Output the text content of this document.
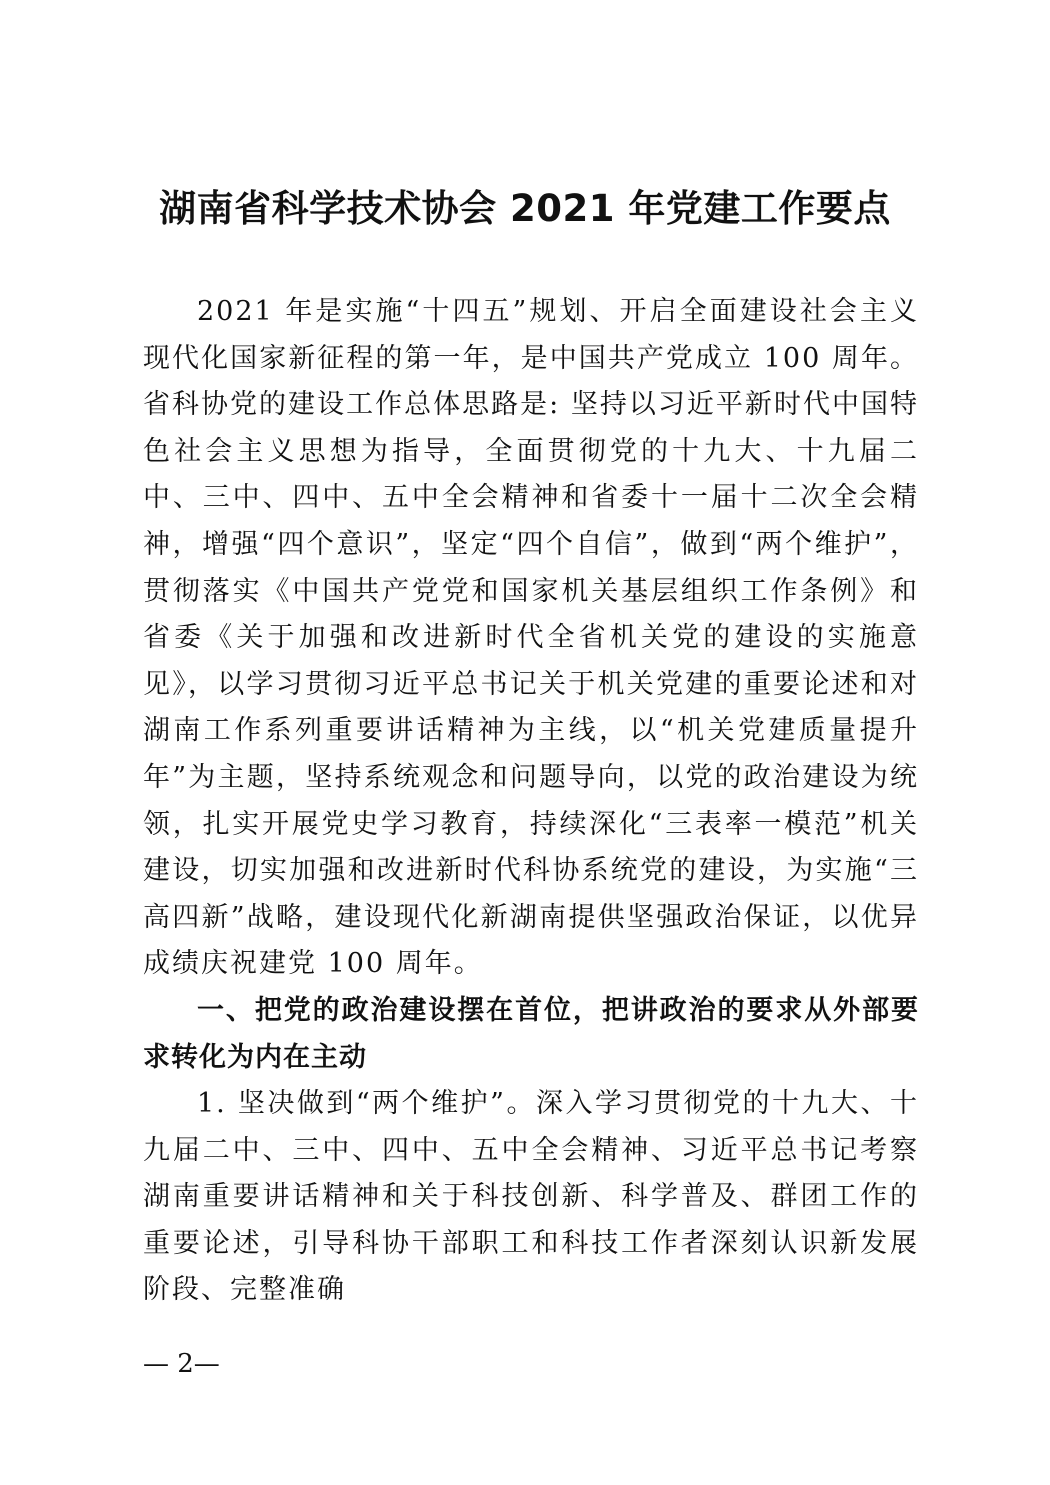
湖南省科学技术协会 2021 年党建工作要点

2021 年是实施“十四五”规划、开启全面建设社会主义现代化国家新征程的第一年，是中国共产党成立 100 周年。省科协党的建设工作总体思路是: 坚持以习近平新时代中国特色社会主义思想为指导，全面贯彻党的十九大、十九届二中、三中、四中、五中全会精神和省委十一届十二次全会精神，增强“四个意识”，坚定“四个自信”，做到“两个维护”，贯彻落实《中国共产党党和国家机关基层组织工作条例》和省委《关于加强和改进新时代全省机关党的建设的实施意见》，以学习贯彻习近平总书记关于机关党建的重要论述和对湖南工作系列重要讲话精神为主线，以“机关党建质量提升年”为主题，坚持系统观念和问题导向，以党的政治建设为统领，扎实开展党史学习教育，持续深化“三表率一模范”机关建设，切实加强和改进新时代科协系统党的建设，为实施“三高四新”战略，建设现代化新湖南提供坚强政治保证，以优异成绩庆祝建党 100 周年。

一、把党的政治建设摆在首位，把讲政治的要求从外部要求转化为内在主动

1. 坚决做到“两个维护”。深入学习贯彻党的十九大、十九届二中、三中、四中、五中全会精神、习近平总书记考察湖南重要讲话精神和关于科技创新、科学普及、群团工作的重要论述，引导科协干部职工和科技工作者深刻认识新发展阶段、完整准确

— 2—
